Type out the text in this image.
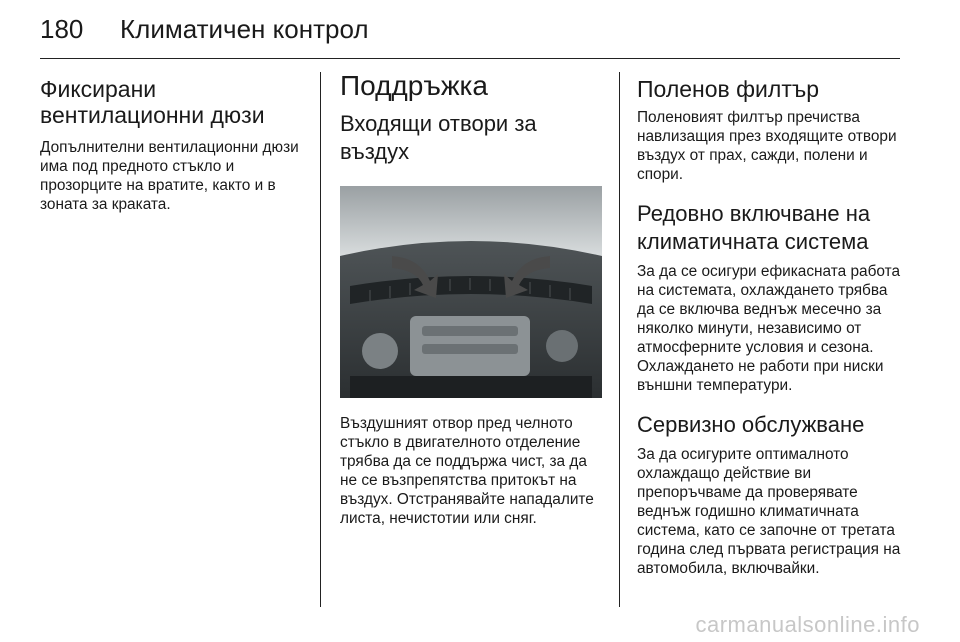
180 Климатичен контрол
Фиксирани вентилационни дюзи

Допълнителни вентилационни дюзи има под предното стъкло и прозорците на вратите, както и в зоната за краката.

Поддръжка
Входящи отвори за въздух

Въздушният отвор пред челното стъкло в двигателното отделение трябва да се поддържа чист, за да не се възпрепятства притокът на въздух. Отстранявайте нападалите листа, нечистотии или сняг.

Поленов филтър

Поленовият филтър пречиства навлизащия през входящите отвори въздух от прах, сажди, полени и спори.

Редовно включване на климатичната система

За да се осигури ефикасната работа на системата, охлаждането трябва да се включва веднъж месечно за няколко минути, независимо от атмосферните условия и сезона. Охлаждането не работи при ниски външни температури.

Сервизно обслужване

За да осигурите оптималното охлаждащо действие ви препоръчваме да проверявате веднъж годишно климатичната система, като се започне от третата година след първата регистрация на автомобила, включвайки.

carmanualsonline.info
